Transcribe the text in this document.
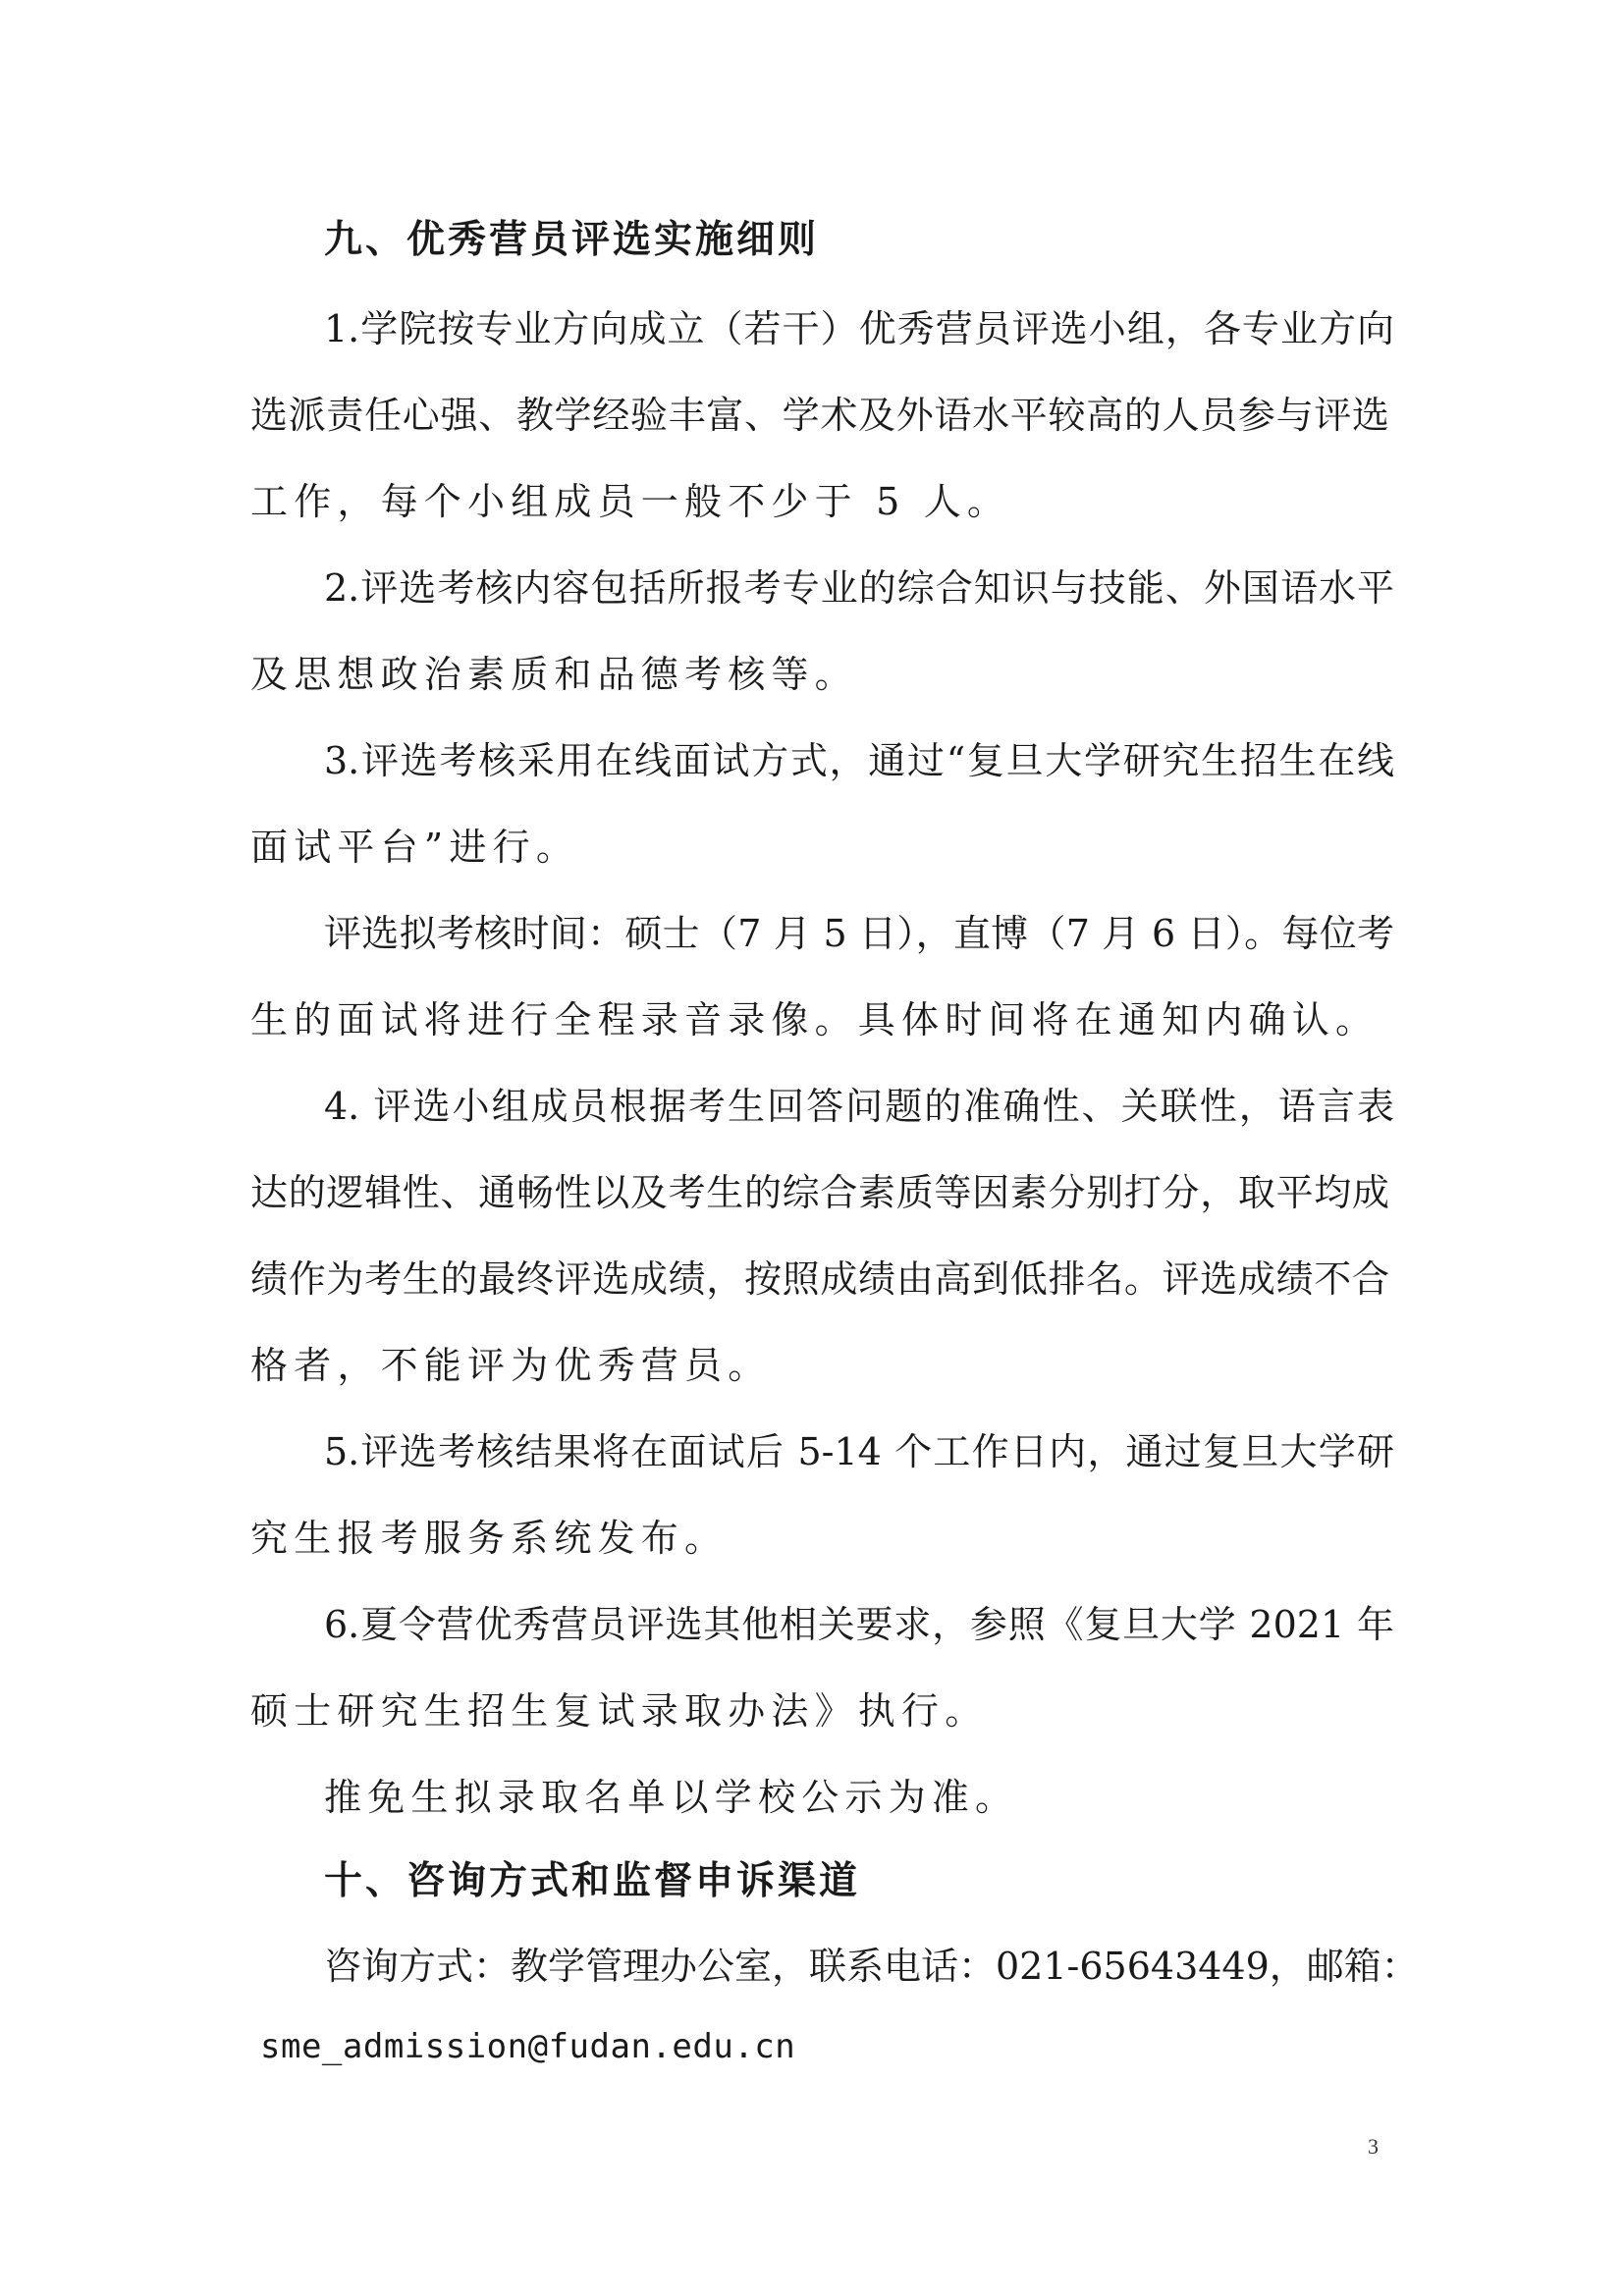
九、优秀营员评选实施细则
1.学院按专业方向成立（若干）优秀营员评选小组，各专业方向
选派责任心强、教学经验丰富、学术及外语水平较高的人员参与评选
工作，每个小组成员一般不少于 5 人。
2.评选考核内容包括所报考专业的综合知识与技能、外国语水平
及思想政治素质和品德考核等。
3.评选考核采用在线面试方式，通过“复旦大学研究生招生在线
面试平台”进行。
评选拟考核时间：硕士（7 月 5 日），直博（7 月 6 日）。每位考
生的面试将进行全程录音录像。具体时间将在通知内确认。
4. 评选小组成员根据考生回答问题的准确性、关联性，语言表
达的逻辑性、通畅性以及考生的综合素质等因素分别打分，取平均成
绩作为考生的最终评选成绩，按照成绩由高到低排名。评选成绩不合
格者，不能评为优秀营员。
5.评选考核结果将在面试后 5-14 个工作日内，通过复旦大学研
究生报考服务系统发布。
6.夏令营优秀营员评选其他相关要求，参照《复旦大学 2021 年
硕士研究生招生复试录取办法》执行。
推免生拟录取名单以学校公示为准。
十、咨询方式和监督申诉渠道
咨询方式：教学管理办公室，联系电话：021-65643449，邮箱：
sme_admission@fudan.edu.cn
3
